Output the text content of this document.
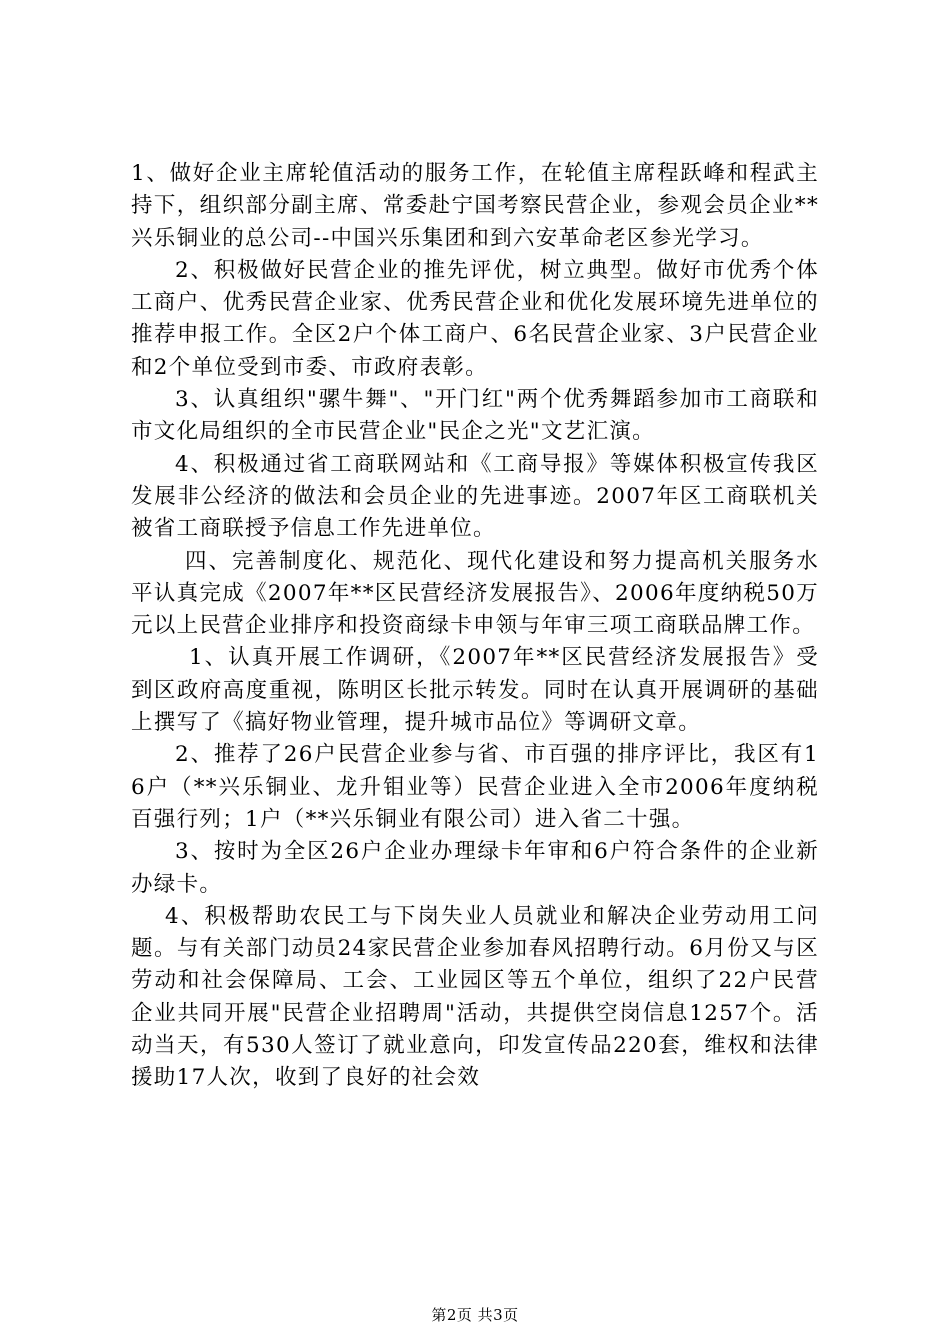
1、做好企业主席轮值活动的服务工作，在轮值主席程跃峰和程武主持下，组织部分副主席、常委赴宁国考察民营企业，参观会员企业**兴乐铜业的总公司--中国兴乐集团和到六安革命老区参光学习。

2、积极做好民营企业的推先评优，树立典型。做好市优秀个体工商户、优秀民营企业家、优秀民营企业和优化发展环境先进单位的推荐申报工作。全区2户个体工商户、6名民营企业家、3户民营企业和2个单位受到市委、市政府表彰。

3、认真组织"骡牛舞"、"开门红"两个优秀舞蹈参加市工商联和市文化局组织的全市民营企业"民企之光"文艺汇演。

4、积极通过省工商联网站和《工商导报》等媒体积极宣传我区发展非公经济的做法和会员企业的先进事迹。2007年区工商联机关被省工商联授予信息工作先进单位。

四、完善制度化、规范化、现代化建设和努力提高机关服务水平认真完成《2007年**区民营经济发展报告》、2006年度纳税50万元以上民营企业排序和投资商绿卡申领与年审三项工商联品牌工作。

1、认真开展工作调研，《2007年**区民营经济发展报告》受到区政府高度重视，陈明区长批示转发。同时在认真开展调研的基础上撰写了《搞好物业管理，提升城市品位》等调研文章。

2、推荐了26户民营企业参与省、市百强的排序评比，我区有16户（**兴乐铜业、龙升钼业等）民营企业进入全市2006年度纳税百强行列；1户（**兴乐铜业有限公司）进入省二十强。

3、按时为全区26户企业办理绿卡年审和6户符合条件的企业新办绿卡。

4、积极帮助农民工与下岗失业人员就业和解决企业劳动用工问题。与有关部门动员24家民营企业参加春风招聘行动。6月份又与区劳动和社会保障局、工会、工业园区等五个单位，组织了22户民营企业共同开展"民营企业招聘周"活动，共提供空岗信息1257个。活动当天，有530人签订了就业意向，印发宣传品220套，维权和法律援助17人次，收到了良好的社会效

第2页 共3页
